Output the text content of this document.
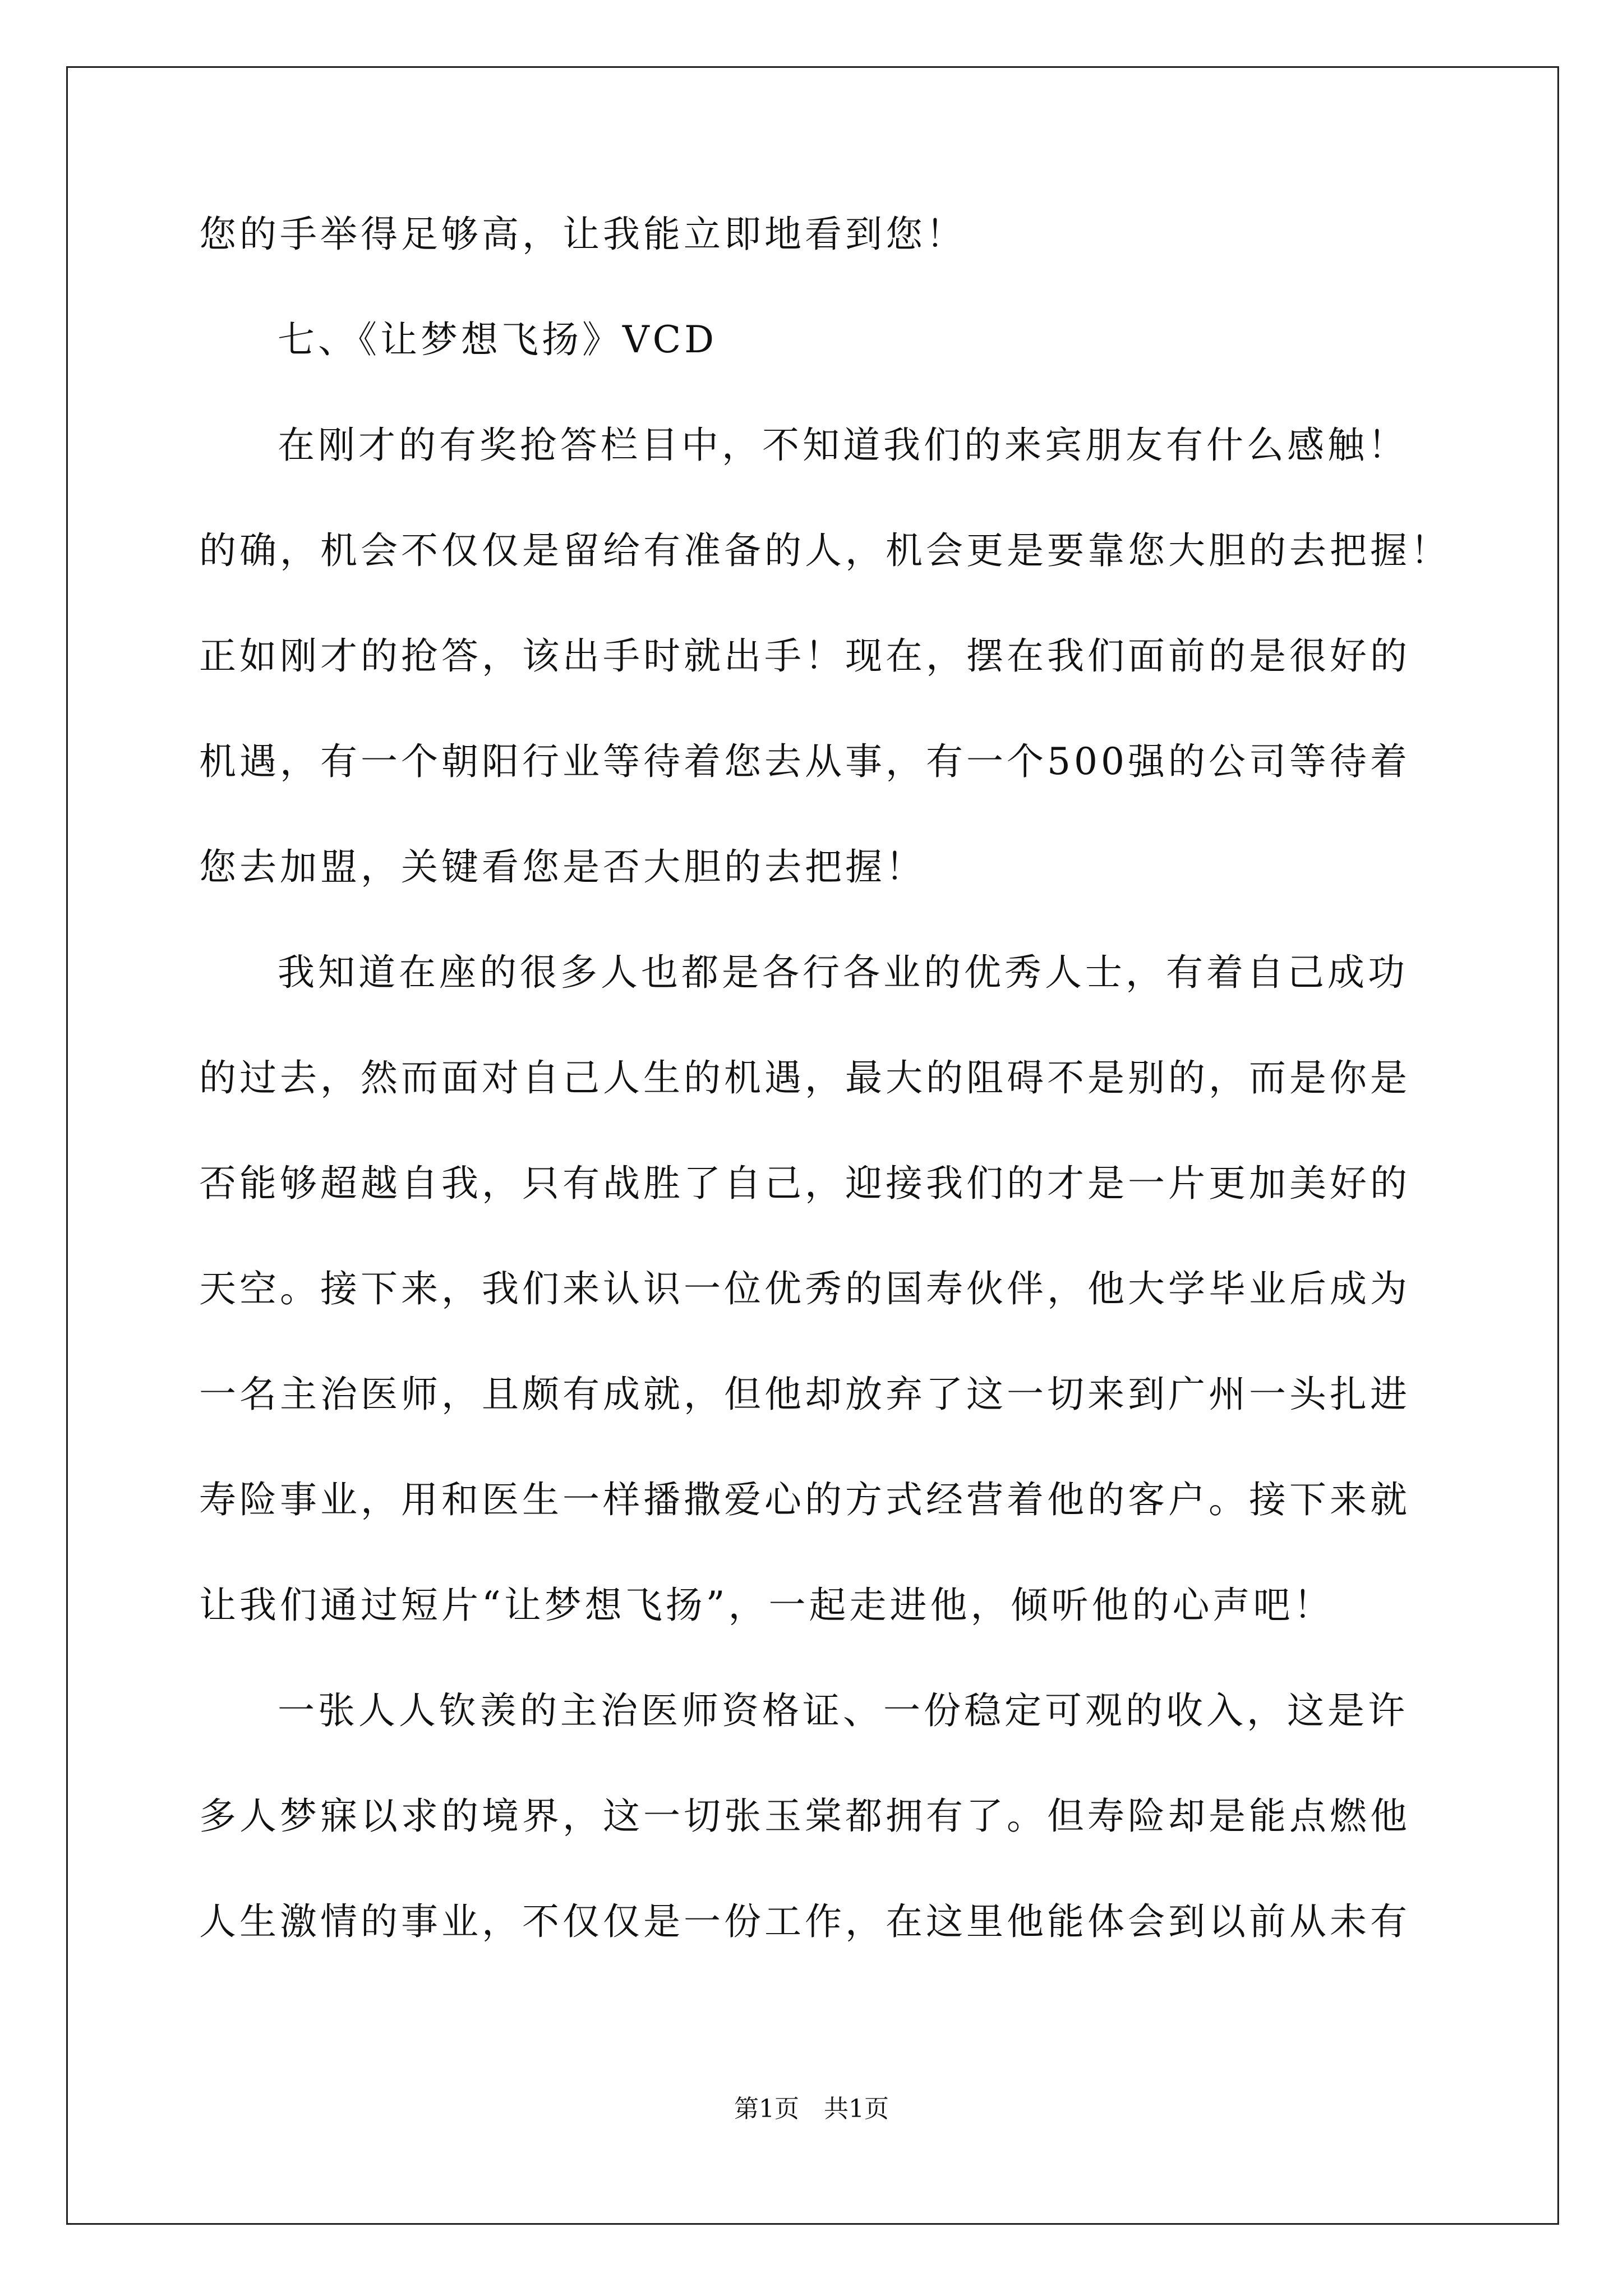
您的手举得足够高，让我能立即地看到您！
七、《让梦想飞扬》VCD
在刚才的有奖抢答栏目中，不知道我们的来宾朋友有什么感触！
的确，机会不仅仅是留给有准备的人，机会更是要靠您大胆的去把握！
正如刚才的抢答，该出手时就出手！现在，摆在我们面前的是很好的
机遇，有一个朝阳行业等待着您去从事，有一个500强的公司等待着
您去加盟，关键看您是否大胆的去把握！
我知道在座的很多人也都是各行各业的优秀人士，有着自己成功
的过去，然而面对自己人生的机遇，最大的阻碍不是别的，而是你是
否能够超越自我，只有战胜了自己，迎接我们的才是一片更加美好的
天空。接下来，我们来认识一位优秀的国寿伙伴，他大学毕业后成为
一名主治医师，且颇有成就，但他却放弃了这一切来到广州一头扎进
寿险事业，用和医生一样播撒爱心的方式经营着他的客户。接下来就
让我们通过短片“让梦想飞扬”，一起走进他，倾听他的心声吧！
一张人人钦羡的主治医师资格证、一份稳定可观的收入，这是许
多人梦寐以求的境界，这一切张玉棠都拥有了。但寿险却是能点燃他
人生激情的事业，不仅仅是一份工作，在这里他能体会到以前从未有
第1页　共1页
